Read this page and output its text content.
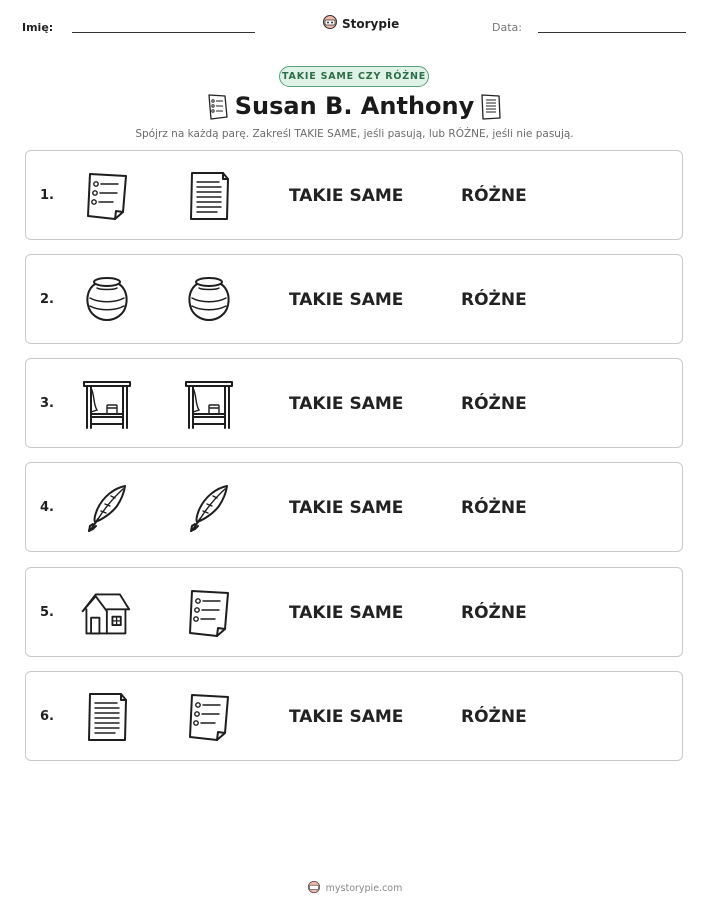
Imię:	Storypie	Data:
TAKIE SAME CZY RÓŻNE
Susan B. Anthony
Spójrz na każdą parę. Zakreśl TAKIE SAME, jeśli pasują, lub RÓŻNE, jeśli nie pasują.
1.	TAKIE SAME	RÓŻNE
2.	TAKIE SAME	RÓŻNE
3.	TAKIE SAME	RÓŻNE
4.	TAKIE SAME	RÓŻNE
5.	TAKIE SAME	RÓŻNE
6.	TAKIE SAME	RÓŻNE
mystorypie.com
